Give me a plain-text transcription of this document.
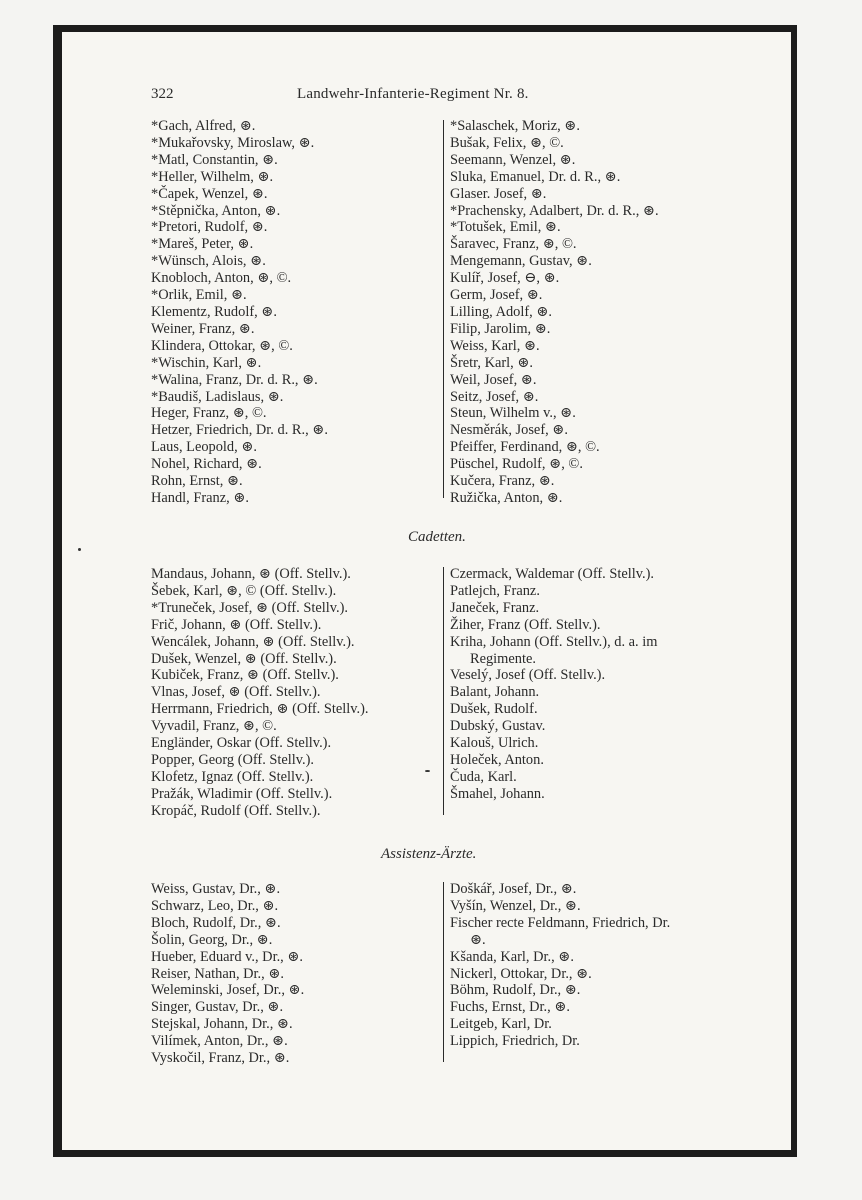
322	Landwehr-Infanterie-Regiment Nr. 8.
*Gach, Alfred, ⊛.
*Mukařovsky, Miroslaw, ⊛.
*Matl, Constantin, ⊛.
*Heller, Wilhelm, ⊛.
*Čapek, Wenzel, ⊛.
*Stěpnička, Anton, ⊛.
*Pretori, Rudolf, ⊛.
*Mareš, Peter, ⊛.
*Wünsch, Alois, ⊛.
Knobloch, Anton, ⊛, ©.
*Orlik, Emil, ⊛.
Klementz, Rudolf, ⊛.
Weiner, Franz, ⊛.
Klindera, Ottokar, ⊛, ©.
*Wischin, Karl, ⊛.
*Walina, Franz, Dr. d. R., ⊛.
*Baudiš, Ladislaus, ⊛.
Heger, Franz, ⊛, ©.
Hetzer, Friedrich, Dr. d. R., ⊛.
Laus, Leopold, ⊛.
Nohel, Richard, ⊛.
Rohn, Ernst, ⊛.
Handl, Franz, ⊛.
*Salaschek, Moriz, ⊛.
Bušak, Felix, ⊛, ©.
Seemann, Wenzel, ⊛.
Sluka, Emanuel, Dr. d. R., ⊛.
Glaser. Josef, ⊛.
*Prachensky, Adalbert, Dr. d. R., ⊛.
*Totušek, Emil, ⊛.
Šaravec, Franz, ⊛, ©.
Mengemann, Gustav, ⊛.
Kulíř, Josef, ⊖, ⊛.
Germ, Josef, ⊛.
Lilling, Adolf, ⊛.
Filip, Jarolim, ⊛.
Weiss, Karl, ⊛.
Šretr, Karl, ⊛.
Weil, Josef, ⊛.
Seitz, Josef, ⊛.
Steun, Wilhelm v., ⊛.
Nesměrák, Josef, ⊛.
Pfeiffer, Ferdinand, ⊛, ©.
Püschel, Rudolf, ⊛, ©.
Kučera, Franz, ⊛.
Ružička, Anton, ⊛.
Cadetten.
Mandaus, Johann, ⊛ (Off. Stellv.).
Šebek, Karl, ⊛, © (Off. Stellv.).
*Truneček, Josef, ⊛ (Off. Stellv.).
Frič, Johann, ⊛ (Off. Stellv.).
Wencálek, Johann, ⊛ (Off. Stellv.).
Dušek, Wenzel, ⊛ (Off. Stellv.).
Kubiček, Franz, ⊛ (Off. Stellv.).
Vlnas, Josef, ⊛ (Off. Stellv.).
Herrmann, Friedrich, ⊛ (Off. Stellv.).
Vyvadil, Franz, ⊛, ©.
Engländer, Oskar (Off. Stellv.).
Popper, Georg (Off. Stellv.).
Klofetz, Ignaz (Off. Stellv.).
Pražák, Wladimir (Off. Stellv.).
Kropáč, Rudolf (Off. Stellv.).
Czermack, Waldemar (Off. Stellv.).
Patlejch, Franz.
Janeček, Franz.
Žiher, Franz (Off. Stellv.).
Kriha, Johann (Off. Stellv.), d. a. im
Regimente.
Veselý, Josef (Off. Stellv.).
Balant, Johann.
Dušek, Rudolf.
Dubský, Gustav.
Kalouš, Ulrich.
Holeček, Anton.
Čuda, Karl.
Šmahel, Johann.
Assistenz-Ärzte.
Weiss, Gustav, Dr., ⊛.
Schwarz, Leo, Dr., ⊛.
Bloch, Rudolf, Dr., ⊛.
Šolin, Georg, Dr., ⊛.
Hueber, Eduard v., Dr., ⊛.
Reiser, Nathan, Dr., ⊛.
Weleminski, Josef, Dr., ⊛.
Singer, Gustav, Dr., ⊛.
Stejskal, Johann, Dr., ⊛.
Vilímek, Anton, Dr., ⊛.
Vyskočil, Franz, Dr., ⊛.
Doškář, Josef, Dr., ⊛.
Vyšín, Wenzel, Dr., ⊛.
Fischer recte Feldmann, Friedrich, Dr.
⊛.
Kšanda, Karl, Dr., ⊛.
Nickerl, Ottokar, Dr., ⊛.
Böhm, Rudolf, Dr., ⊛.
Fuchs, Ernst, Dr., ⊛.
Leitgeb, Karl, Dr.
Lippich, Friedrich, Dr.
